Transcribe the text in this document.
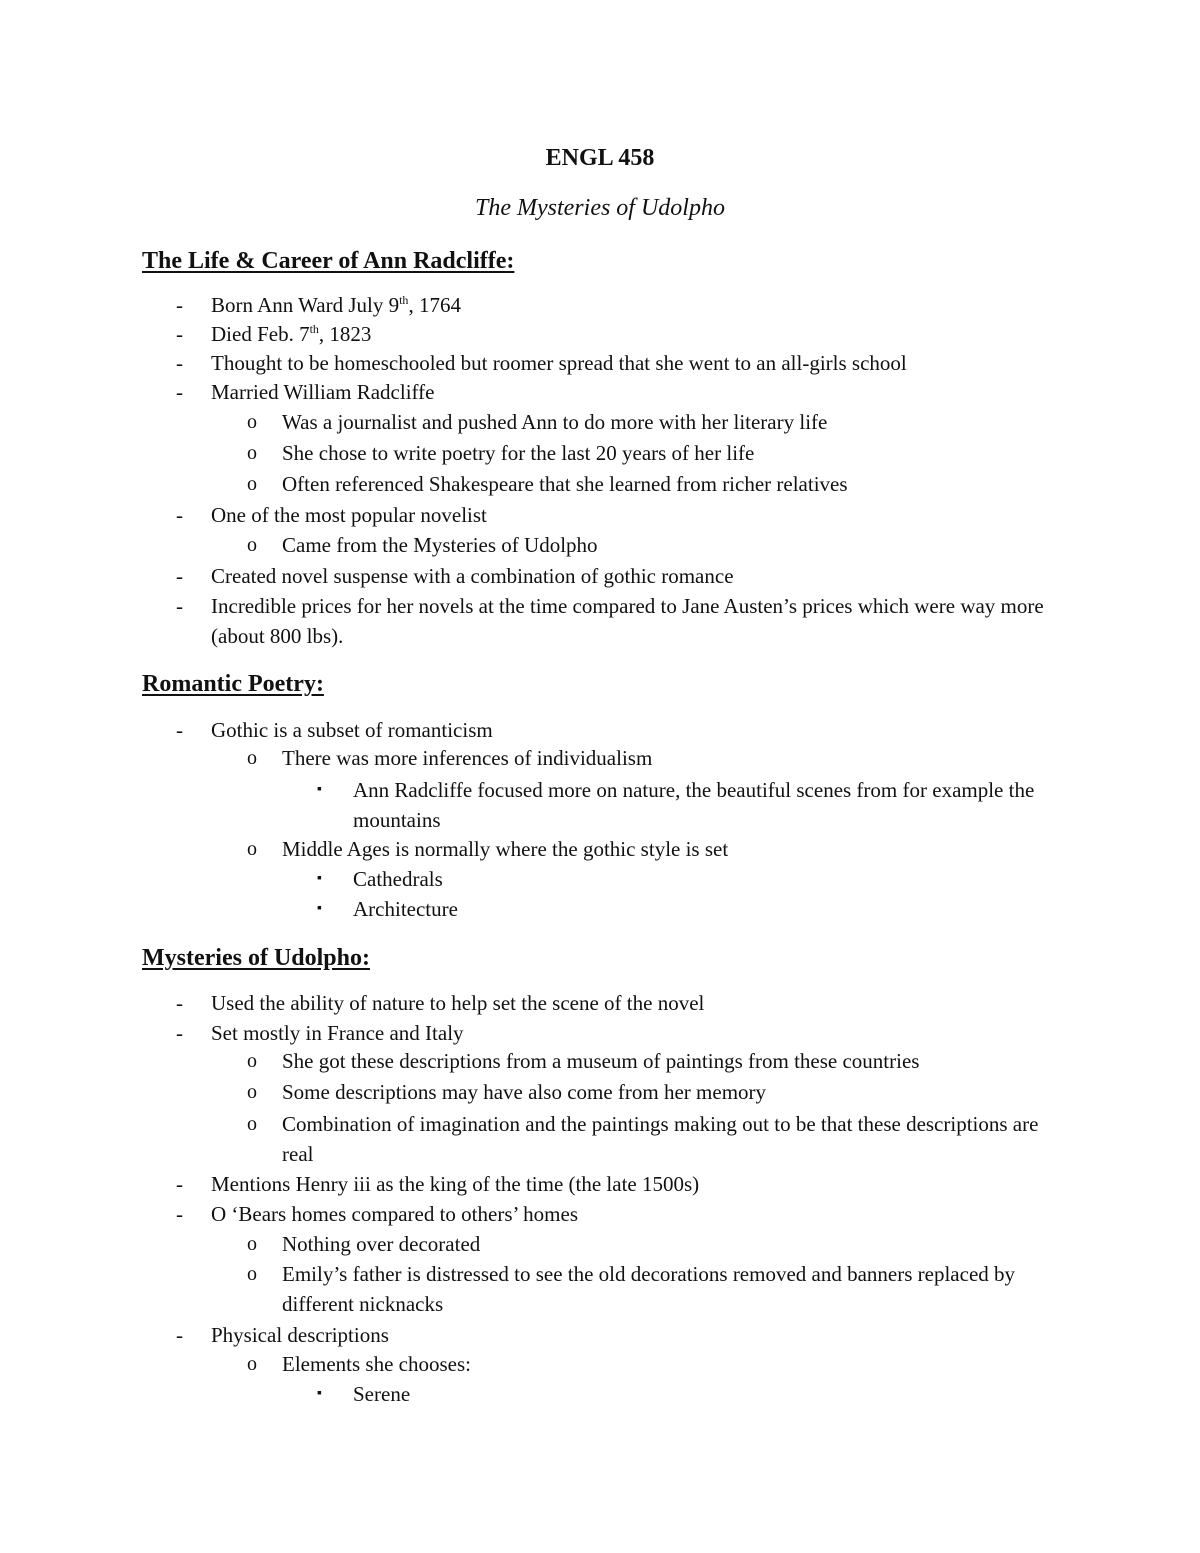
ENGL 458
The Mysteries of Udolpho
The Life & Career of Ann Radcliffe:
- Born Ann Ward July 9th, 1764
- Died Feb. 7th, 1823
- Thought to be homeschooled but roomer spread that she went to an all-girls school
- Married William Radcliffe
o Was a journalist and pushed Ann to do more with her literary life
o She chose to write poetry for the last 20 years of her life
o Often referenced Shakespeare that she learned from richer relatives
- One of the most popular novelist
o Came from the Mysteries of Udolpho
- Created novel suspense with a combination of gothic romance
- Incredible prices for her novels at the time compared to Jane Austen’s prices which were way more (about 800 lbs).
Romantic Poetry:
- Gothic is a subset of romanticism
o There was more inferences of individualism
▪ Ann Radcliffe focused more on nature, the beautiful scenes from for example the mountains
o Middle Ages is normally where the gothic style is set
▪ Cathedrals
▪ Architecture
Mysteries of Udolpho:
- Used the ability of nature to help set the scene of the novel
- Set mostly in France and Italy
o She got these descriptions from a museum of paintings from these countries
o Some descriptions may have also come from her memory
o Combination of imagination and the paintings making out to be that these descriptions are real
- Mentions Henry iii as the king of the time (the late 1500s)
- O ‘Bears homes compared to others’ homes
o Nothing over decorated
o Emily’s father is distressed to see the old decorations removed and banners replaced by different nicknacks
- Physical descriptions
o Elements she chooses:
▪ Serene
